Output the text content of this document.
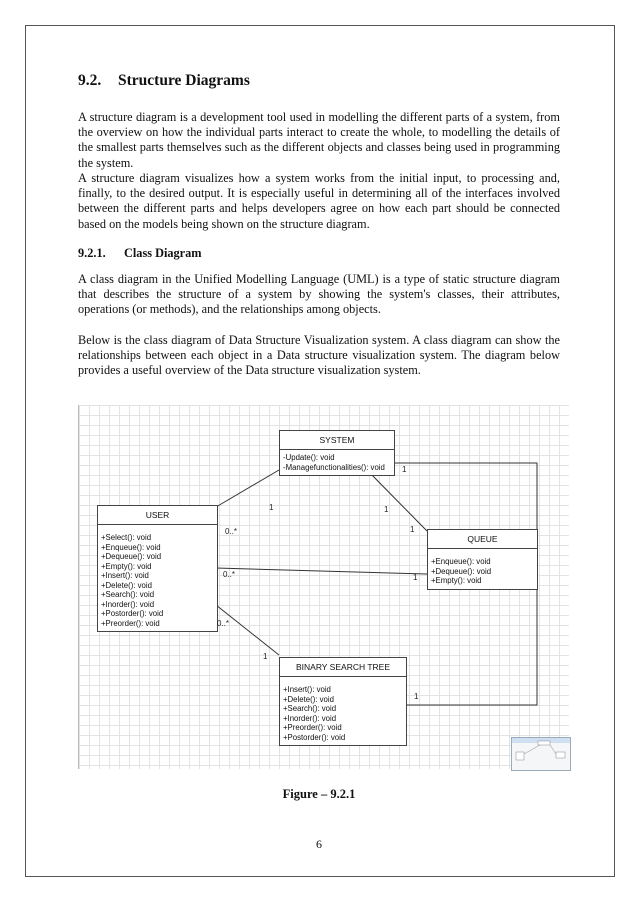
9.2. Structure Diagrams

A structure diagram is a development tool used in modelling the different parts of a system, from the overview on how the individual parts interact to create the whole, to modelling the details of the smallest parts themselves such as the different objects and classes being used in programming the system.

A structure diagram visualizes how a system works from the initial input, to processing and, finally, to the desired output. It is especially useful in determining all of the interfaces involved between the different parts and helps developers agree on how each part should be connected based on the models being shown on the structure diagram.

9.2.1. Class Diagram

A class diagram in the Unified Modelling Language (UML) is a type of static structure diagram that describes the structure of a system by showing the system's classes, their attributes, operations (or methods), and the relationships among objects.

Below is the class diagram of Data Structure Visualization system. A class diagram can show the relationships between each object in a Data structure visualization system. The diagram below provides a useful overview of the Data structure visualization system.

SYSTEM
-Update(): void
-Managefunctionalities(): void
USER
+Select(): void
+Enqueue(): void
+Dequeue(): void
+Empty(): void
+Insert(): void
+Delete(): void
+Search(): void
+Inorder(): void
+Postorder(): void
+Preorder(): void
QUEUE
+Enqueue(): void
+Dequeue(): void
+Empty(): void
BINARY SEARCH TREE
+Insert(): void
+Delete(): void
+Search(): void
+Inorder(): void
+Preorder(): void
+Postorder(): void
1
1	1
1
0..*
0..*	1
0..*
1
1
Figure – 9.2.1
6
